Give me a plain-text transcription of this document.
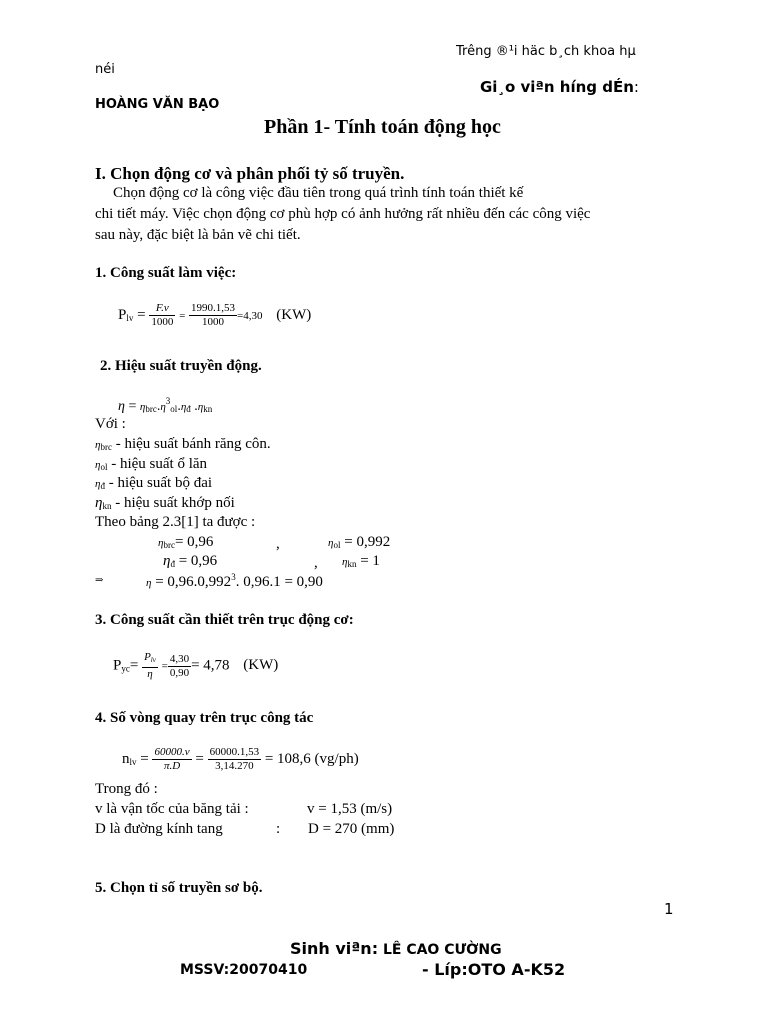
Trêng ®¹i häc b¸ch khoa hµ
néi
Gi¸o viªn híng dÉn:
HOÀNG VĂN BẠO
Phần 1- Tính toán động học
I. Chọn động cơ và phân phối tỷ số truyền.
Chọn động cơ là công việc đầu tiên trong quá trình tính toán thiết kế
chi tiết máy. Việc chọn động cơ phù hợp có ảnh hưởng rất nhiều đến các công việc
sau này, đặc biệt là bản vẽ chi tiết.
1. Công suất làm việc:
$P_{lv} = \frac{F.v}{1000} = \frac{1990.1,53}{1000} =4,30$ (KW)
2. Hiệu suất truyền động.
$\eta = \eta_{brc}.\eta^3_{ol}.\eta_đ$ $.\eta_{kn}$
Với :
$\eta_{brc}$ - hiệu suất bánh răng côn.
$\eta_{ol}$ - hiệu suất ổ lăn
$\eta_đ$ - hiệu suất bộ đai
$\eta_{kn}$ - hiệu suất khớp nối
Theo bảng 2.3[1] ta được :
$\eta_{brc}= 0,96$	,	$\eta_{ol} = 0,992$
$\eta_đ = 0,96$	, $\eta_{kn} = 1$
⇒	$\eta = 0,96.0,992^3$. 0,96.1 = 0,90
3. Công suất cần thiết trên trục động cơ:
$P_{yc}= \frac{P_{lv}}{\eta} = \frac{4,30}{0,90} = 4,78$ (KW)
4. Số vòng quay trên trục công tác
$n_{lv} = \frac{60000.v}{\pi.D} = \frac{60000.1,53}{3,14.270} = 108,6$ (vg/ph)
Trong đó :
v là vận tốc của băng tải :	v = 1,53 (m/s)
D là đường kính tang	: D = 270 (mm)
5. Chọn tỉ số truyền sơ bộ.
1
Sinh viªn: LÊ CAO CƯỜNG
MSSV:20070410	- Líp:OTO A-K52
